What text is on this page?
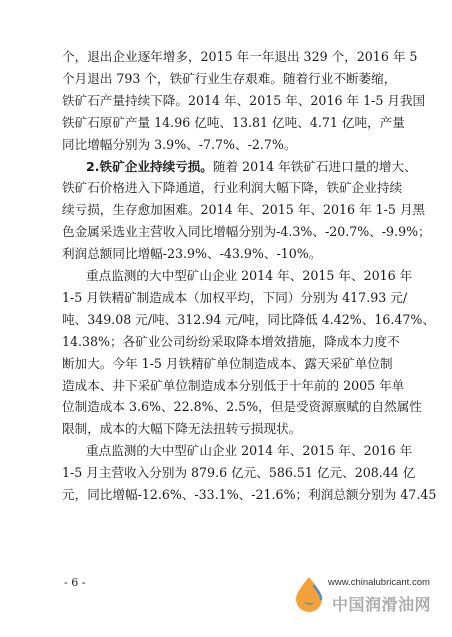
个，退出企业逐年增多，2015 年一年退出 329 个，2016 年 5
个月退出 793 个，铁矿行业生存艰难。随着行业不断萎缩，
铁矿石产量持续下降。2014 年、2015 年、2016 年 1-5 月我国
铁矿石原矿产量 14.96 亿吨、13.81 亿吨、4.71 亿吨，产量
同比增幅分别为 3.9%、-7.7%、-2.7%。
2.铁矿企业持续亏损。随着 2014 年铁矿石进口量的增大、
铁矿石价格进入下降通道，行业利润大幅下降，铁矿企业持续
续亏损，生存愈加困难。2014 年、2015 年、2016 年 1-5 月黑
色金属采选业主营收入同比增幅分别为-4.3%、-20.7%、-9.9%；
利润总额同比增幅-23.9%、-43.9%、-10%。
重点监测的大中型矿山企业 2014 年、2015 年、2016 年
1-5 月铁精矿制造成本（加权平均，下同）分别为 417.93 元/
吨、349.08 元/吨、312.94 元/吨，同比降低 4.42%、16.47%、
14.38%；各矿业公司纷纷采取降本增效措施，降成本力度不
断加大。今年 1-5 月铁精矿单位制造成本、露天采矿单位制
造成本、井下采矿单位制造成本分别低于十年前的 2005 年单
位制造成本 3.6%、22.8%、2.5%，但是受资源禀赋的自然属性
限制，成本的大幅下降无法扭转亏损现状。
- 6 -	www.chinalubricant.com
中国润滑油网
重点监测的大中型矿山企业 2014 年、2015 年、2016 年
1-5 月主营收入分别为 879.6 亿元、586.51 亿元、208.44 亿
元，同比增幅-12.6%、-33.1%、-21.6%；利润总额分别为 47.45
